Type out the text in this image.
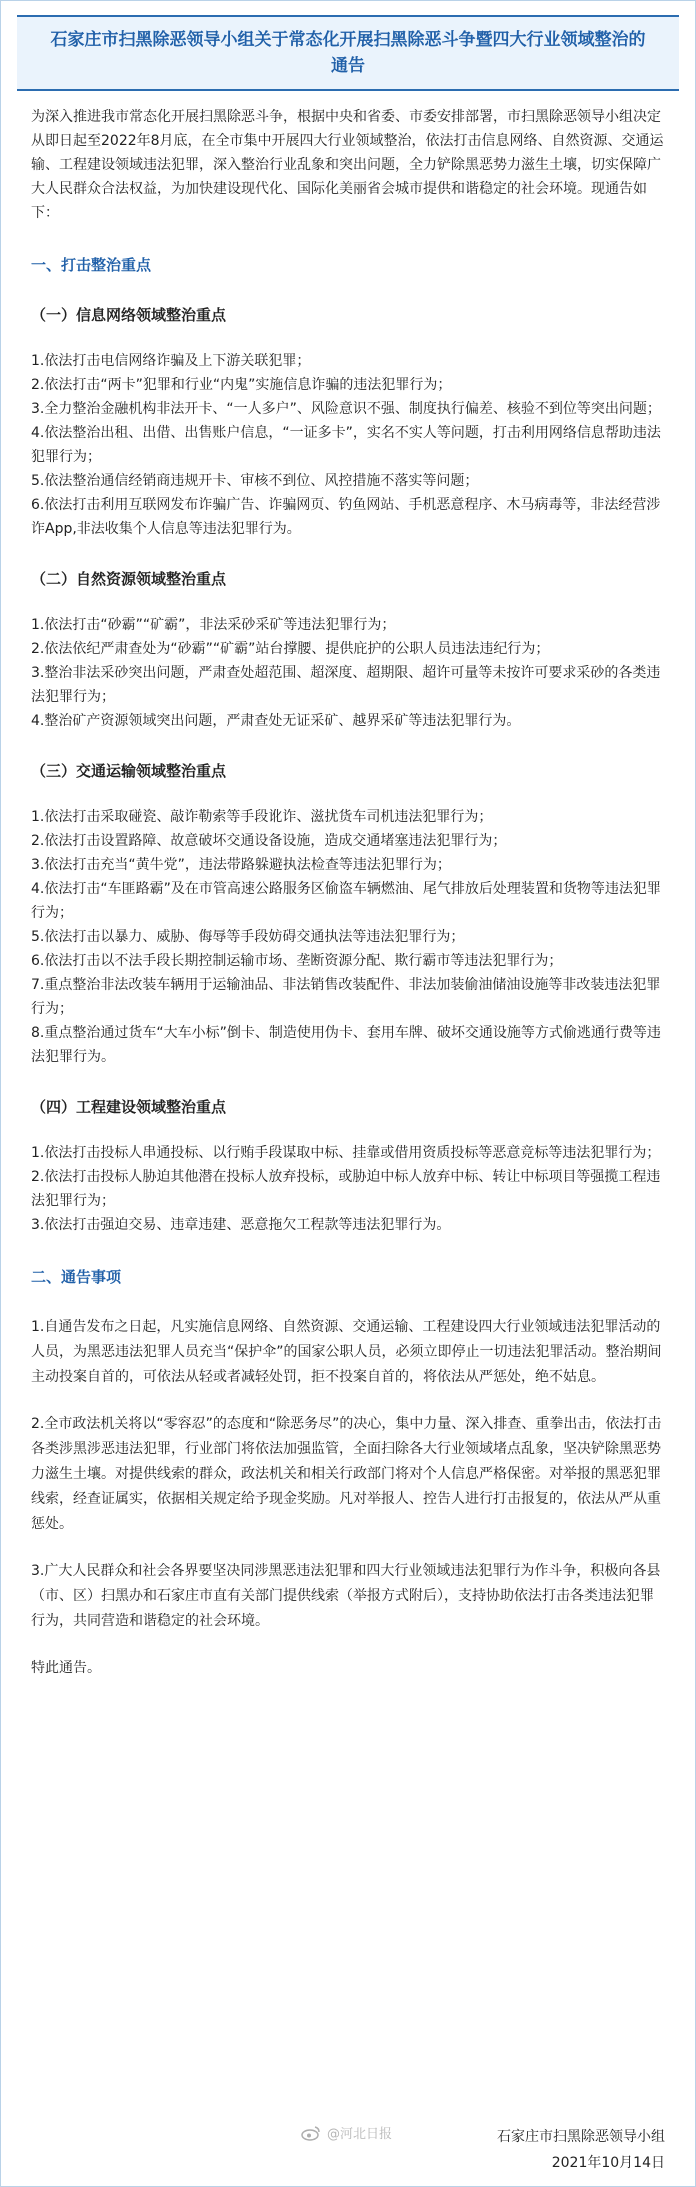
石家庄市扫黑除恶领导小组关于常态化开展扫黑除恶斗争暨四大行业领域整治的
通告

为深入推进我市常态化开展扫黑除恶斗争，根据中央和省委、市委安排部署，市扫黑除恶领导小组决定从即日起至2022年8月底，在全市集中开展四大行业领域整治，依法打击信息网络、自然资源、交通运输、工程建设领域违法犯罪，深入整治行业乱象和突出问题，全力铲除黑恶势力滋生土壤，切实保障广大人民群众合法权益，为加快建设现代化、国际化美丽省会城市提供和谐稳定的社会环境。现通告如下：

一、打击整治重点
（一）信息网络领域整治重点
1.依法打击电信网络诈骗及上下游关联犯罪；
2.依法打击“两卡”犯罪和行业“内鬼”实施信息诈骗的违法犯罪行为；
3.全力整治金融机构非法开卡、“一人多户”、风险意识不强、制度执行偏差、核验不到位等突出问题；
4.依法整治出租、出借、出售账户信息，“一证多卡”，实名不实人等问题，打击利用网络信息帮助违法犯罪行为；
5.依法整治通信经销商违规开卡、审核不到位、风控措施不落实等问题；
6.依法打击利用互联网发布诈骗广告、诈骗网页、钓鱼网站、手机恶意程序、木马病毒等，非法经营涉诈App,非法收集个人信息等违法犯罪行为。
（二）自然资源领域整治重点
1.依法打击“砂霸”“矿霸”，非法采砂采矿等违法犯罪行为；
2.依法依纪严肃查处为“砂霸”“矿霸”站台撑腰、提供庇护的公职人员违法违纪行为；
3.整治非法采砂突出问题，严肃查处超范围、超深度、超期限、超许可量等未按许可要求采砂的各类违法犯罪行为；
4.整治矿产资源领域突出问题，严肃查处无证采矿、越界采矿等违法犯罪行为。
（三）交通运输领域整治重点
1.依法打击采取碰瓷、敲诈勒索等手段讹诈、滋扰货车司机违法犯罪行为；
2.依法打击设置路障、故意破坏交通设备设施，造成交通堵塞违法犯罪行为；
3.依法打击充当“黄牛党”，违法带路躲避执法检查等违法犯罪行为；
4.依法打击“车匪路霸”及在市管高速公路服务区偷盗车辆燃油、尾气排放后处理装置和货物等违法犯罪行为；
5.依法打击以暴力、威胁、侮辱等手段妨碍交通执法等违法犯罪行为；
6.依法打击以不法手段长期控制运输市场、垄断资源分配、欺行霸市等违法犯罪行为；
7.重点整治非法改装车辆用于运输油品、非法销售改装配件、非法加装偷油储油设施等非改装违法犯罪行为；
8.重点整治通过货车“大车小标”倒卡、制造使用伪卡、套用车牌、破坏交通设施等方式偷逃通行费等违法犯罪行为。
（四）工程建设领域整治重点
1.依法打击投标人串通投标、以行贿手段谋取中标、挂靠或借用资质投标等恶意竞标等违法犯罪行为；
2.依法打击投标人胁迫其他潜在投标人放弃投标，或胁迫中标人放弃中标、转让中标项目等强揽工程违法犯罪行为；
3.依法打击强迫交易、违章违建、恶意拖欠工程款等违法犯罪行为。
二、通告事项
1.自通告发布之日起，凡实施信息网络、自然资源、交通运输、工程建设四大行业领域违法犯罪活动的人员，为黑恶违法犯罪人员充当“保护伞”的国家公职人员，必须立即停止一切违法犯罪活动。整治期间主动投案自首的，可依法从轻或者减轻处罚，拒不投案自首的，将依法从严惩处，绝不姑息。
2.全市政法机关将以“零容忍”的态度和“除恶务尽”的决心，集中力量、深入排查、重拳出击，依法打击各类涉黑涉恶违法犯罪，行业部门将依法加强监管，全面扫除各大行业领域堵点乱象，坚决铲除黑恶势力滋生土壤。对提供线索的群众，政法机关和相关行政部门将对个人信息严格保密。对举报的黑恶犯罪线索，经查证属实，依据相关规定给予现金奖励。凡对举报人、控告人进行打击报复的，依法从严从重惩处。
3.广大人民群众和社会各界要坚决同涉黑恶违法犯罪和四大行业领域违法犯罪行为作斗争，积极向各县（市、区）扫黑办和石家庄市直有关部门提供线索（举报方式附后），支持协助依法打击各类违法犯罪行为，共同营造和谐稳定的社会环境。
特此通告。
@河北日报	石家庄市扫黑除恶领导小组
2021年10月14日
